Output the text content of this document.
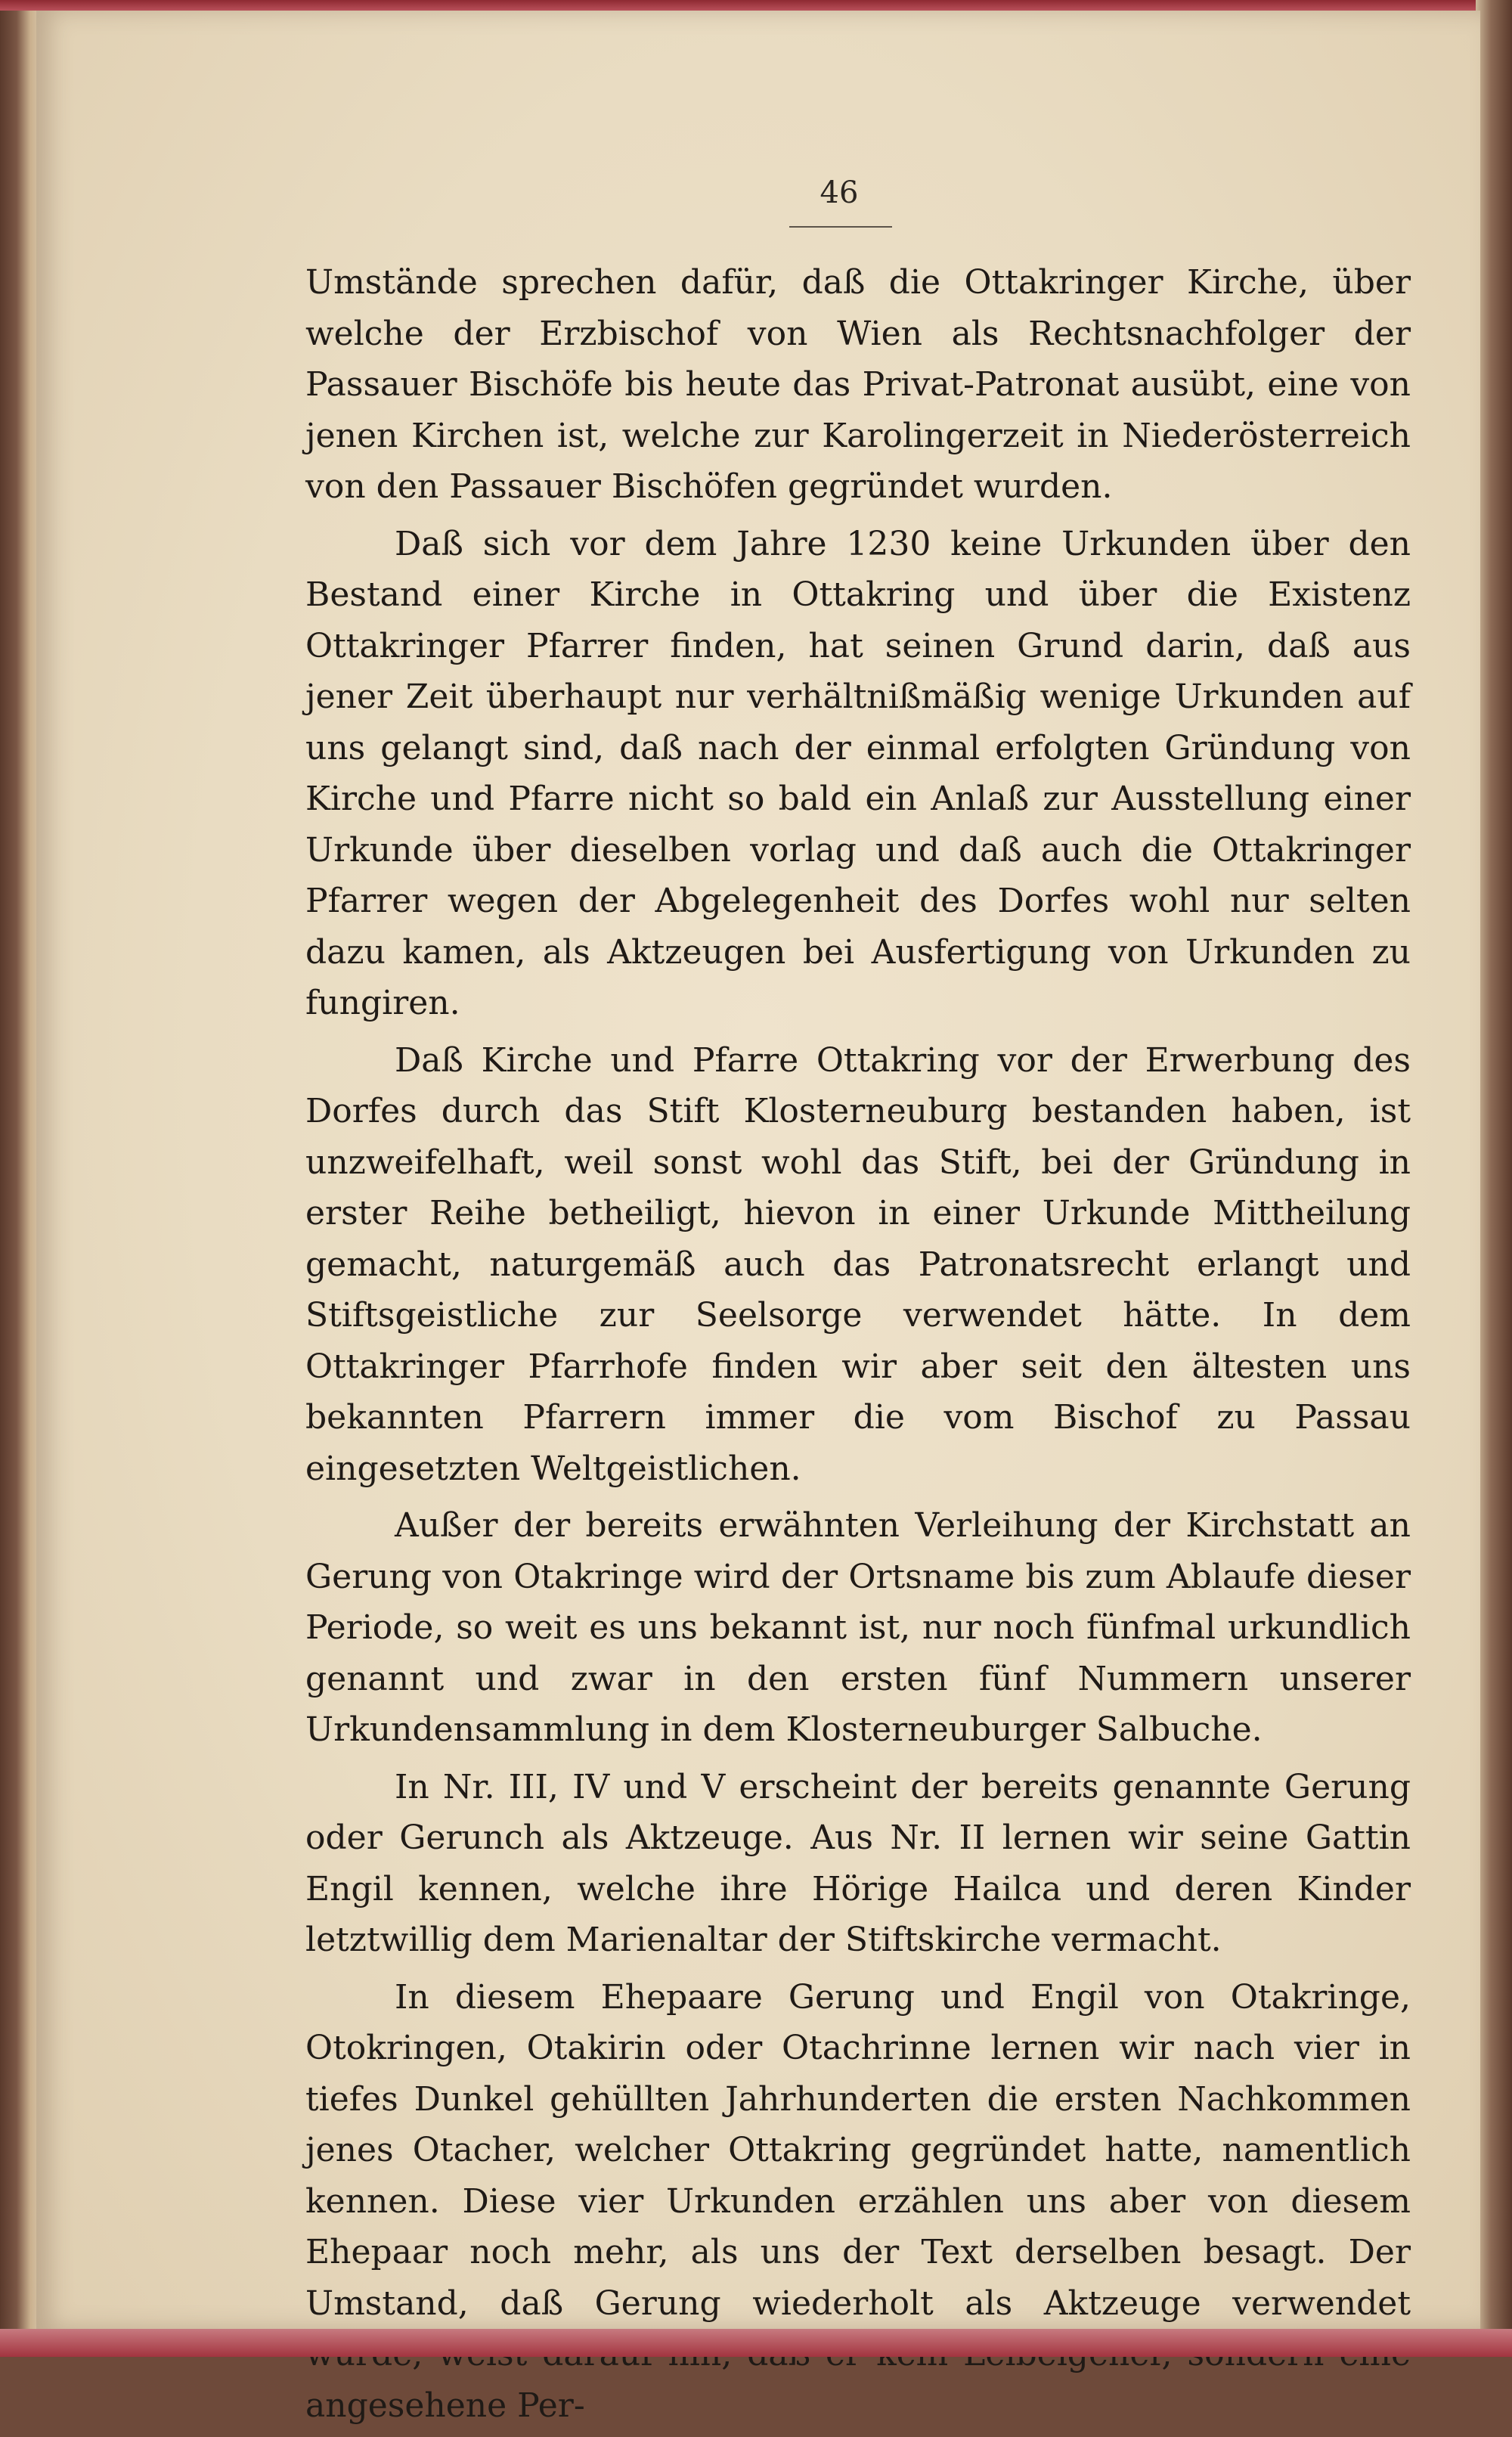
46

Umstände sprechen dafür, daß die Ottakringer Kirche, über welche der Erzbischof von Wien als Rechtsnachfolger der Passauer Bischöfe bis heute das Privat-Patronat ausübt, eine von jenen Kirchen ist, welche zur Karolingerzeit in Niederösterreich von den Passauer Bischöfen gegründet wurden.

Daß sich vor dem Jahre 1230 keine Urkunden über den Bestand einer Kirche in Ottakring und über die Existenz Ottakringer Pfarrer finden, hat seinen Grund darin, daß aus jener Zeit überhaupt nur verhältnißmäßig wenige Urkunden auf uns gelangt sind, daß nach der einmal erfolgten Gründung von Kirche und Pfarre nicht so bald ein Anlaß zur Ausstellung einer Urkunde über dieselben vorlag und daß auch die Ottakringer Pfarrer wegen der Abgelegenheit des Dorfes wohl nur selten dazu kamen, als Aktzeugen bei Ausfertigung von Urkunden zu fungiren.

Daß Kirche und Pfarre Ottakring vor der Erwerbung des Dorfes durch das Stift Klosterneuburg bestanden haben, ist unzweifelhaft, weil sonst wohl das Stift, bei der Gründung in erster Reihe betheiligt, hievon in einer Urkunde Mittheilung gemacht, naturgemäß auch das Patronatsrecht erlangt und Stiftsgeistliche zur Seelsorge verwendet hätte. In dem Ottakringer Pfarrhofe finden wir aber seit den ältesten uns bekannten Pfarrern immer die vom Bischof zu Passau eingesetzten Weltgeistlichen.

Außer der bereits erwähnten Verleihung der Kirchstatt an Gerung von Otakringe wird der Ortsname bis zum Ablaufe dieser Periode, so weit es uns bekannt ist, nur noch fünfmal urkundlich genannt und zwar in den ersten fünf Nummern unserer Urkundensammlung in dem Klosterneuburger Salbuche.

In Nr. III, IV und V erscheint der bereits genannte Gerung oder Gerunch als Aktzeuge. Aus Nr. II lernen wir seine Gattin Engil kennen, welche ihre Hörige Hailca und deren Kinder letztwillig dem Marienaltar der Stiftskirche vermacht.

In diesem Ehepaare Gerung und Engil von Otakringe, Otokringen, Otakirin oder Otachrinne lernen wir nach vier in tiefes Dunkel gehüllten Jahrhunderten die ersten Nachkommen jenes Otacher, welcher Ottakring gegründet hatte, namentlich kennen. Diese vier Urkunden erzählen uns aber von diesem Ehepaar noch mehr, als uns der Text derselben besagt. Der Umstand, daß Gerung wiederholt als Aktzeuge verwendet angesehene Per-
